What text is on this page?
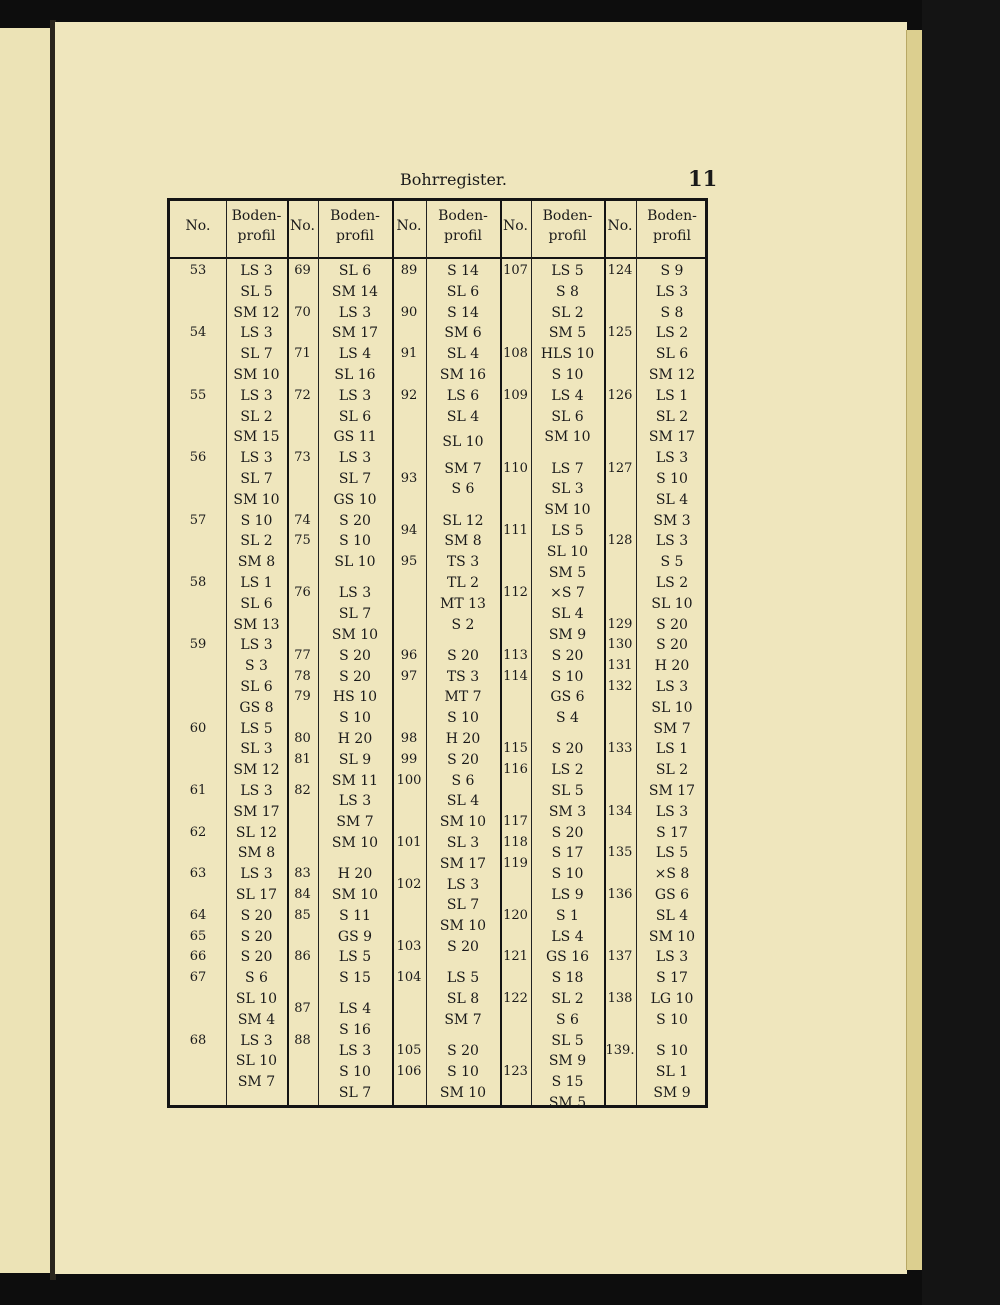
Bohrregister.	11
No.
Boden-
profil
No.
Boden-
profil
No.
Boden-
profil
No.
Boden-
profil
No.
Boden-
profil
53
54
55
56
57
58
59
60
61
62
63
64
65
66
67
68
LS 3
SL 5
SM 12
LS 3
SL 7
SM 10
LS 3
SL 2
SM 15
LS 3
SL 7
SM 10
S 10
SL 2
SM 8
LS 1
SL 6
SM 13
LS 3
S 3
SL 6
GS 8
LS 5
SL 3
SM 12
LS 3
SM 17
SL 12
SM 8
LS 3
SL 17
S 20
S 20
S 20
S 6
SL 10
SM 4
LS 3
SL 10
SM 7
69
70
71
72
73
74
75
76
77
78
79
80
81
82
83
84
85
86
87
88
SL 6
SM 14
LS 3
SM 17
LS 4
SL 16
LS 3
SL 6
GS 11
LS 3
SL 7
GS 10
S 20
S 10
SL 10
LS 3
SL 7
SM 10
S 20
S 20
HS 10
S 10
H 20
SL 9
SM 11
LS 3
SM 7
SM 10
H 20
SM 10
S 11
GS 9
LS 5
S 15
LS 4
S 16
LS 3
S 10
SL 7
89
90
91
92
93
94
95
96
97
98
99
100
101
102
103
104
105
106
S 14
SL 6
S 14
SM 6
SL 4
SM 16
LS 6
SL 4
SL 10
SM 7
S 6
SL 12
SM 8
TS 3
TL 2
MT 13
S 2
S 20
TS 3
MT 7
S 10
H 20
S 20
S 6
SL 4
SM 10
SL 3
SM 17
LS 3
SL 7
SM 10
S 20
LS 5
SL 8
SM 7
S 20
S 10
SM 10
107
108
109
110
111
112
113
114
115
116
117
118
119
120
121
122
123
LS 5
S 8
SL 2
SM 5
HLS 10
S 10
LS 4
SL 6
SM 10
LS 7
SL 3
SM 10
LS 5
SL 10
SM 5
×S 7
SL 4
SM 9
S 20
S 10
GS 6
S 4
S 20
LS 2
SL 5
SM 3
S 20
S 17
S 10
LS 9
S 1
LS 4
GS 16
S 18
SL 2
S 6
SL 5
SM 9
S 15
SM 5
124
125
126
127
128
129
130
131
132
133
134
135
136
137
138
139.
S 9
LS 3
S 8
LS 2
SL 6
SM 12
LS 1
SL 2
SM 17
LS 3
S 10
SL 4
SM 3
LS 3
S 5
LS 2
SL 10
S 20
S 20
H 20
LS 3
SL 10
SM 7
LS 1
SL 2
SM 17
LS 3
S 17
LS 5
×S 8
GS 6
SL 4
SM 10
LS 3
S 17
LG 10
S 10
S 10
SL 1
SM 9
